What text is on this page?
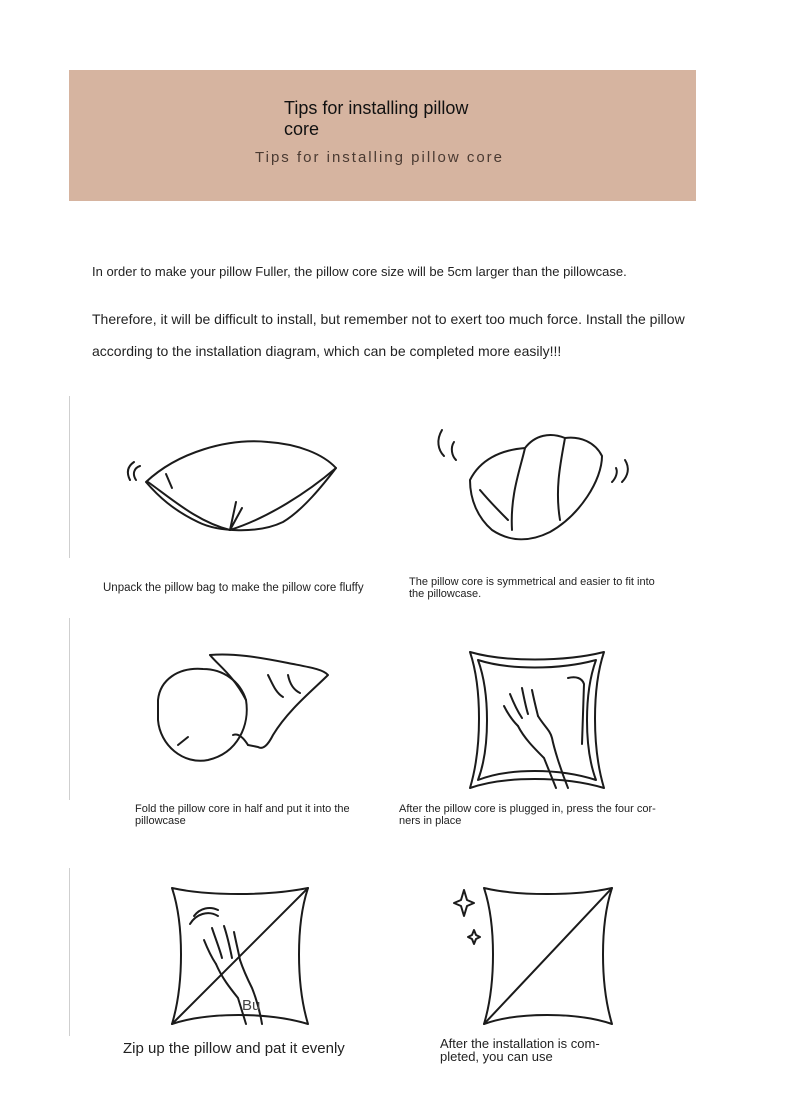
Tips for installing pillow core
Tips for installing pillow core
In order to make your pillow Fuller, the pillow core size will be 5cm larger than the pillowcase.
Therefore, it will be difficult to install, but remember not to exert too much force. Install the pillow according to the installation diagram, which can be completed more easily!!!
Unpack the pillow bag to make the pillow core fluffy	The pillow core is symmetrical and easier to fit into the pillowcase.
Fold the pillow core in half and put it into the pillowcase
After the pillow core is plugged in, press the four cor- ners in place
Bu
Zip up the pillow and pat it evenly	After the installation is com- pleted, you can use
